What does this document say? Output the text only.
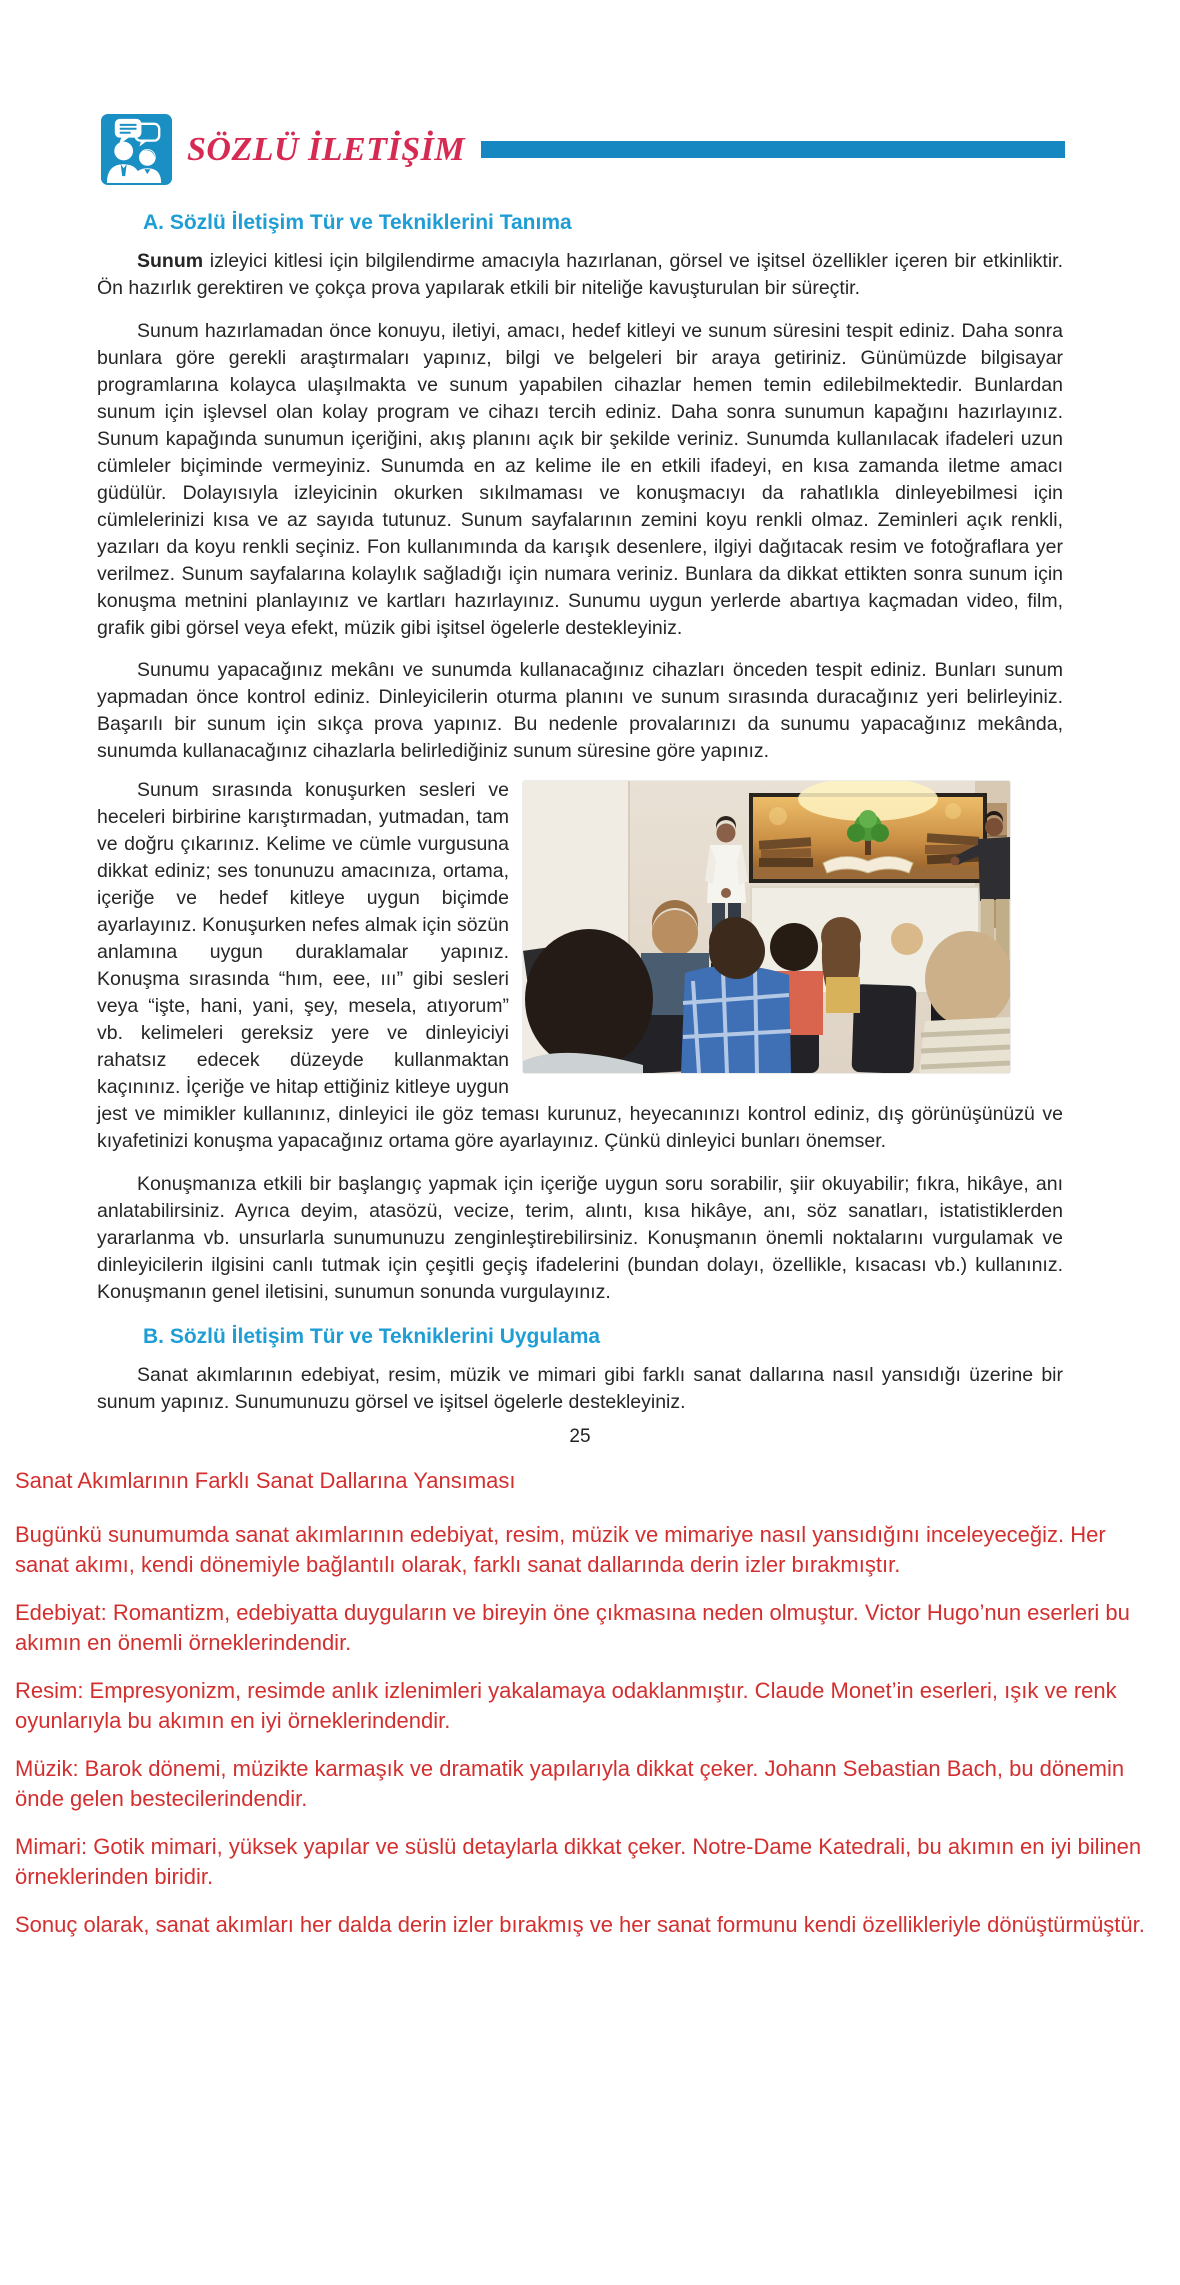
SÖZLÜ İLETİŞİM
A. Sözlü İletişim Tür ve Tekniklerini Tanıma

Sunum izleyici kitlesi için bilgilendirme amacıyla hazırlanan, görsel ve işitsel özellikler içeren bir etkinliktir. Ön hazırlık gerektiren ve çokça prova yapılarak etkili bir niteliğe kavuşturulan bir süreçtir.

Sunum hazırlamadan önce konuyu, iletiyi, amacı, hedef kitleyi ve sunum süresini tespit ediniz. Daha sonra bunlara göre gerekli araştırmaları yapınız, bilgi ve belgeleri bir araya getiriniz. Günümüzde bilgisayar programlarına kolayca ulaşılmakta ve sunum yapabilen cihazlar hemen temin edilebilmektedir. Bunlardan sunum için işlevsel olan kolay program ve cihazı tercih ediniz. Daha sonra sunumun kapağını hazırlayınız. Sunum kapağında sunumun içeriğini, akış planını açık bir şekilde veriniz. Sunumda kullanılacak ifadeleri uzun cümleler biçiminde vermeyiniz. Sunumda en az kelime ile en etkili ifadeyi, en kısa zamanda iletme amacı güdülür. Dolayısıyla izleyicinin okurken sıkılmaması ve konuşmacıyı da rahatlıkla dinleyebilmesi için cümlelerinizi kısa ve az sayıda tutunuz. Sunum sayfalarının zemini koyu renkli olmaz. Zeminleri açık renkli, yazıları da koyu renkli seçiniz. Fon kullanımında da karışık desenlere, ilgiyi dağıtacak resim ve fotoğraflara yer verilmez. Sunum sayfalarına kolaylık sağladığı için numara veriniz. Bunlara da dikkat ettikten sonra sunum için konuşma metnini planlayınız ve kartları hazırlayınız. Sunumu uygun yerlerde abartıya kaçmadan video, film, grafik gibi görsel veya efekt, müzik gibi işitsel ögelerle destekleyiniz.

Sunumu yapacağınız mekânı ve sunumda kullanacağınız cihazları önceden tespit ediniz. Bunları sunum yapmadan önce kontrol ediniz. Dinleyicilerin oturma planını ve sunum sırasında duracağınız yeri belirleyiniz. Başarılı bir sunum için sıkça prova yapınız. Bu nedenle provalarınızı da sunumu yapacağınız mekânda, sunumda kullanacağınız cihazlarla belirlediğiniz sunum süresine göre yapınız.

Sunum sırasında konuşurken sesleri ve heceleri birbirine karıştırmadan, yutmadan, tam ve doğru çıkarınız. Kelime ve cümle vurgusuna dikkat ediniz; ses tonunuzu amacınıza, ortama, içeriğe ve hedef kitleye uygun biçimde ayarlayınız. Konuşurken nefes almak için sözün anlamına uygun duraklamalar yapınız. Konuşma sırasında “hım, eee, ııı” gibi sesleri veya “işte, hani, yani, şey, mesela, atıyorum” vb. kelimeleri gereksiz yere ve dinleyiciyi rahatsız edecek düzeyde kullanmaktan kaçınınız. İçeriğe ve hitap ettiğiniz kitleye uygun jest ve mimikler kullanınız, dinleyici ile göz teması kurunuz, heyecanınızı kontrol ediniz, dış görünüşünüzü ve kıyafetinizi konuşma yapacağınız ortama göre ayarlayınız. Çünkü dinleyici bunları önemser.

Konuşmanıza etkili bir başlangıç yapmak için içeriğe uygun soru sorabilir, şiir okuyabilir; fıkra, hikâye, anı anlatabilirsiniz. Ayrıca deyim, atasözü, vecize, terim, alıntı, kısa hikâye, anı, söz sanatları, istatistiklerden yararlanma vb. unsurlarla sunumunuzu zenginleştirebilirsiniz. Konuşmanın önemli noktalarını vurgulamak ve dinleyicilerin ilgisini canlı tutmak için çeşitli geçiş ifadelerini (bundan dolayı, özellikle, kısacası vb.) kullanınız. Konuşmanın genel iletisini, sunumun sonunda vurgulayınız.

B. Sözlü İletişim Tür ve Tekniklerini Uygulama

Sanat akımlarının edebiyat, resim, müzik ve mimari gibi farklı sanat dallarına nasıl yansıdığı üzerine bir sunum yapınız. Sunumunuzu görsel ve işitsel ögelerle destekleyiniz.

25

Sanat Akımlarının Farklı Sanat Dallarına Yansıması

Bugünkü sunumumda sanat akımlarının edebiyat, resim, müzik ve mimariye nasıl yansıdığını inceleyeceğiz. Her sanat akımı, kendi dönemiyle bağlantılı olarak, farklı sanat dallarında derin izler bırakmıştır.

Edebiyat: Romantizm, edebiyatta duyguların ve bireyin öne çıkmasına neden olmuştur. Victor Hugo’nun eserleri bu akımın en önemli örneklerindendir.

Resim: Empresyonizm, resimde anlık izlenimleri yakalamaya odaklanmıştır. Claude Monet’in eserleri, ışık ve renk oyunlarıyla bu akımın en iyi örneklerindendir.

Müzik: Barok dönemi, müzikte karmaşık ve dramatik yapılarıyla dikkat çeker. Johann Sebastian Bach, bu dönemin önde gelen bestecilerindendir.

Mimari: Gotik mimari, yüksek yapılar ve süslü detaylarla dikkat çeker. Notre-Dame Katedrali, bu akımın en iyi bilinen örneklerinden biridir.

Sonuç olarak, sanat akımları her dalda derin izler bırakmış ve her sanat formunu kendi özellikleriyle dönüştürmüştür.
